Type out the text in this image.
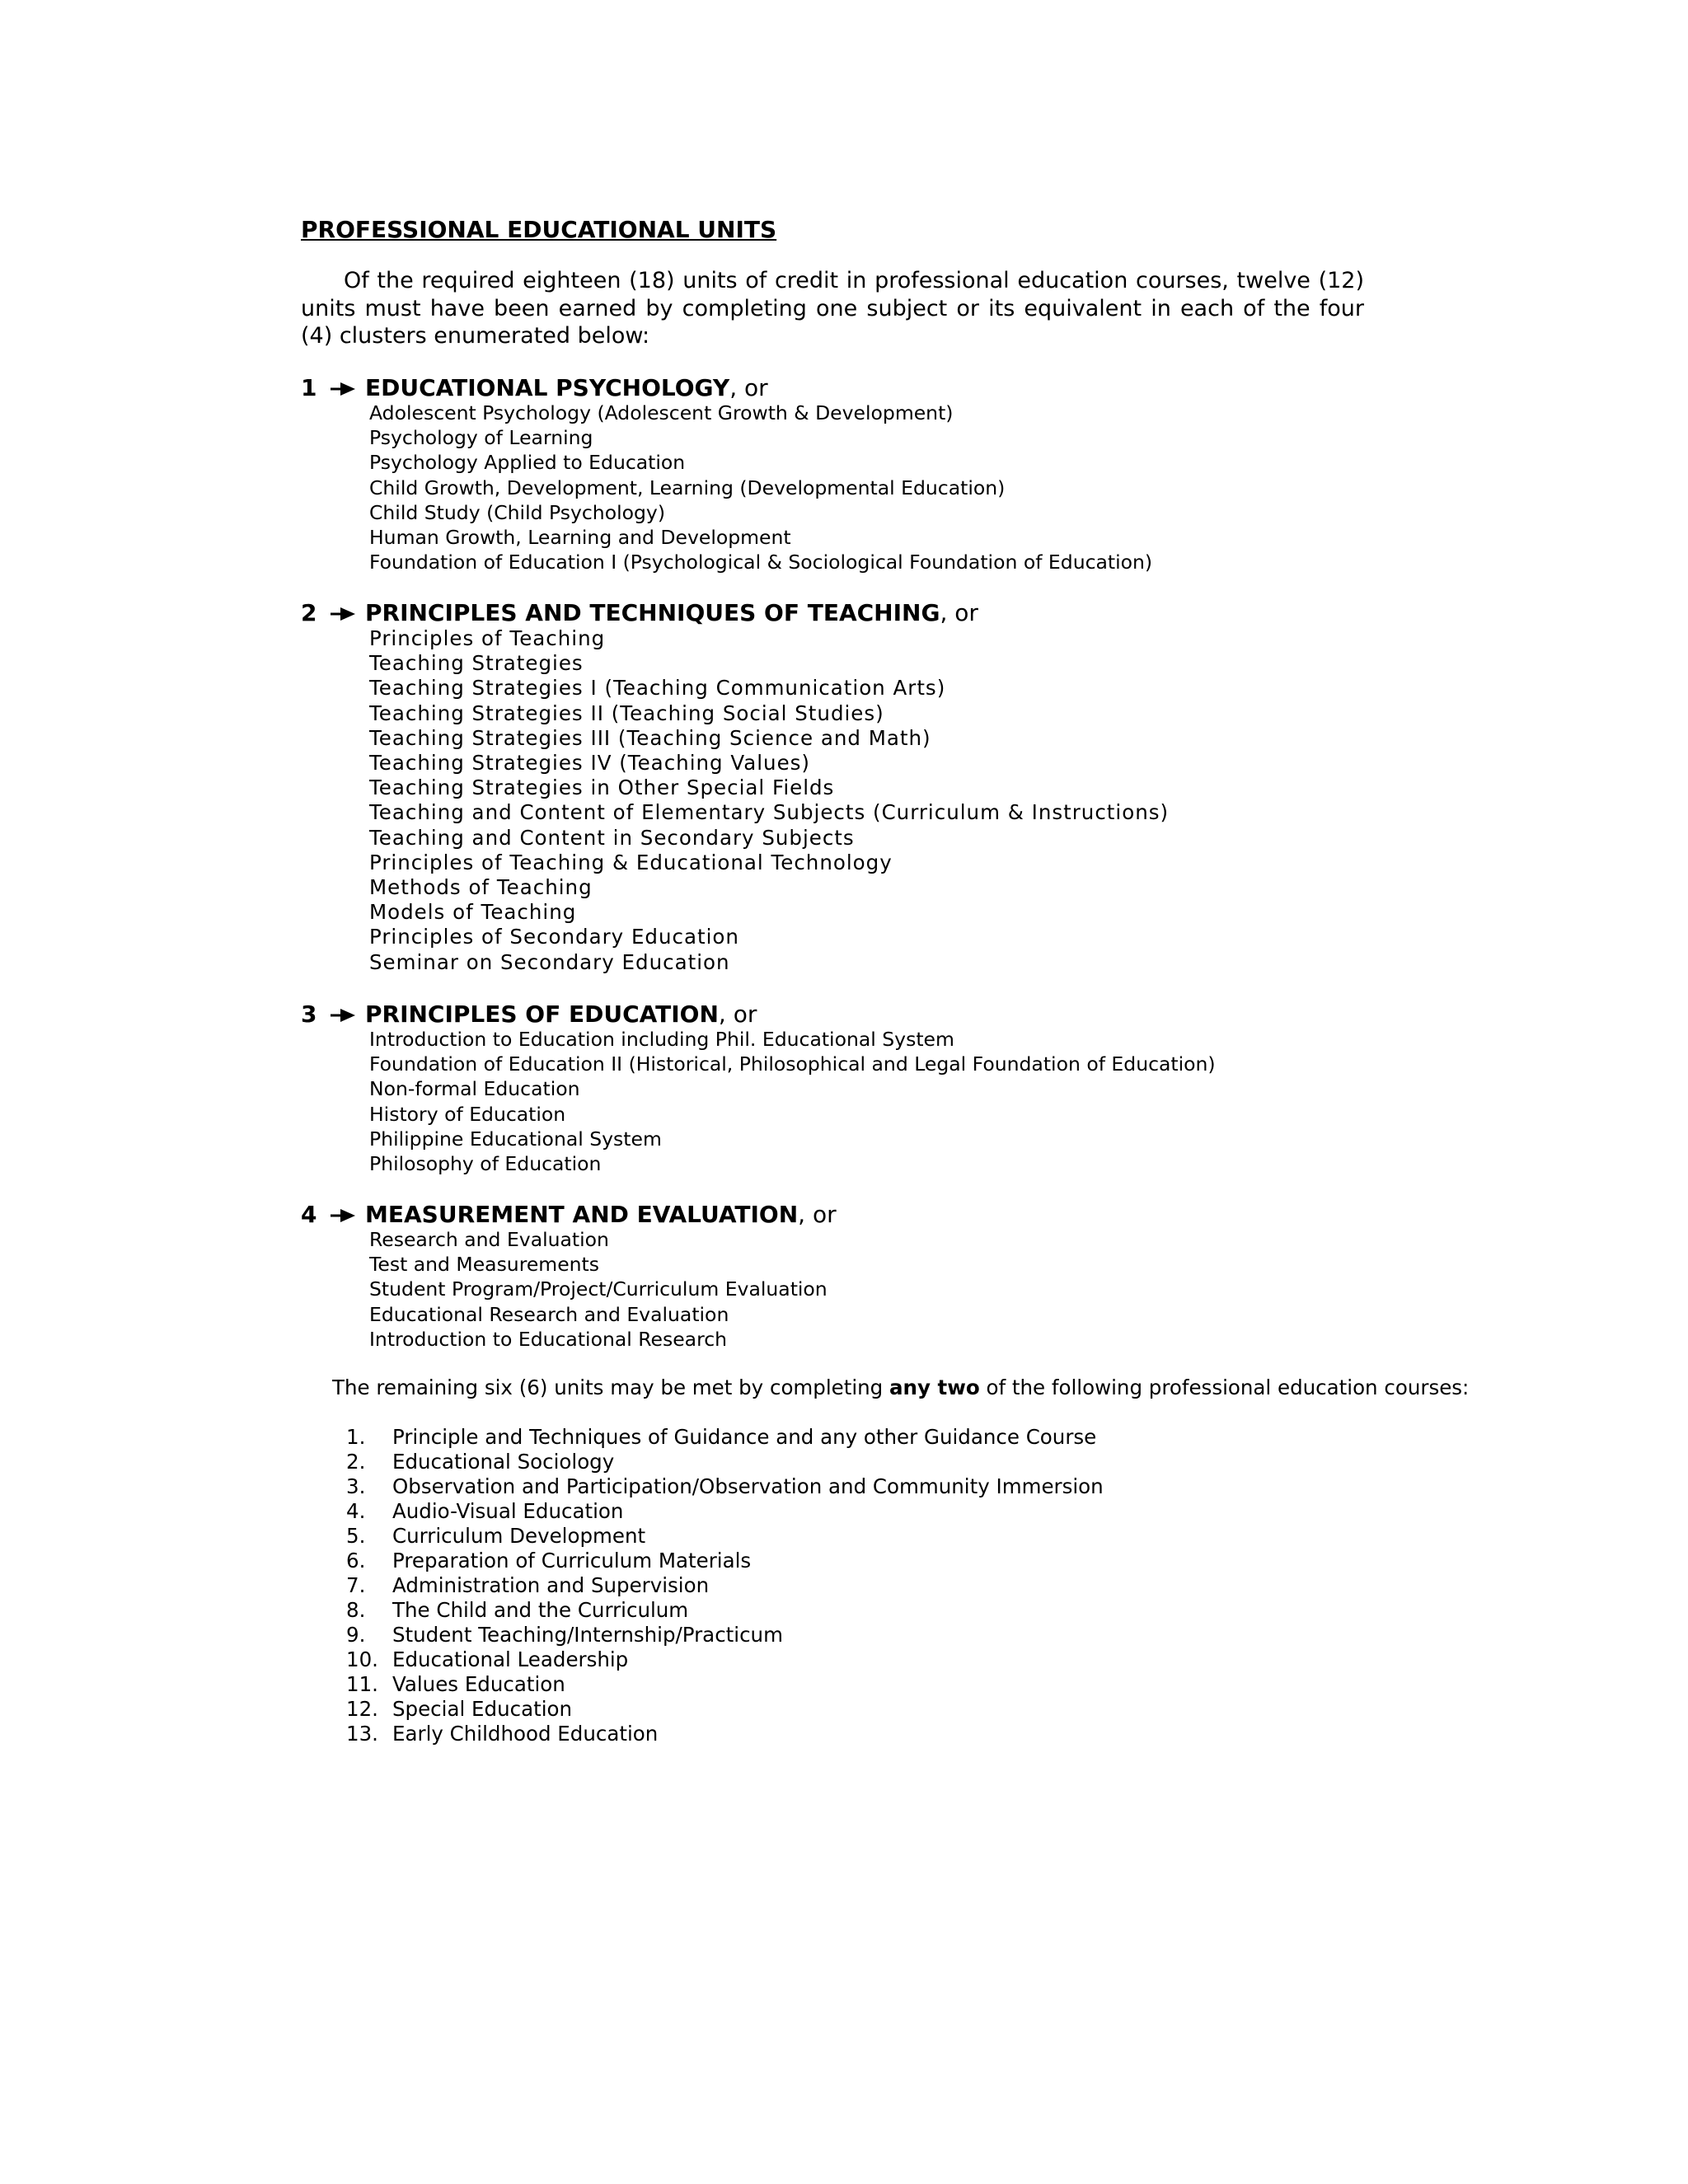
PROFESSIONAL EDUCATIONAL UNITS
Of the required eighteen (18) units of credit in professional education courses, twelve (12) units must have been earned by completing one subject or its equivalent in each of the four (4) clusters enumerated below:
1 EDUCATIONAL PSYCHOLOGY, or
Adolescent Psychology (Adolescent Growth & Development)
Psychology of Learning
Psychology Applied to Education
Child Growth, Development, Learning (Developmental Education)
Child Study (Child Psychology)
Human Growth, Learning and Development
Foundation of Education I (Psychological & Sociological Foundation of Education)
2 PRINCIPLES AND TECHNIQUES OF TEACHING, or
Principles of Teaching
Teaching Strategies
Teaching Strategies I (Teaching Communication Arts)
Teaching Strategies II (Teaching Social Studies)
Teaching Strategies III (Teaching Science and Math)
Teaching Strategies IV (Teaching Values)
Teaching Strategies in Other Special Fields
Teaching and Content of Elementary Subjects (Curriculum & Instructions)
Teaching and Content in Secondary Subjects
Principles of Teaching & Educational Technology
Methods of Teaching
Models of Teaching
Principles of Secondary Education
Seminar on Secondary Education
3 PRINCIPLES OF EDUCATION, or
Introduction to Education including Phil. Educational System
Foundation of Education II (Historical, Philosophical and Legal Foundation of Education)
Non-formal Education
History of Education
Philippine Educational System
Philosophy of Education
4 MEASUREMENT AND EVALUATION, or
Research and Evaluation
Test and Measurements
Student Program/Project/Curriculum Evaluation
Educational Research and Evaluation
Introduction to Educational Research
The remaining six (6) units may be met by completing any two of the following professional education courses:
1. Principle and Techniques of Guidance and any other Guidance Course
2. Educational Sociology
3. Observation and Participation/Observation and Community Immersion
4. Audio-Visual Education
5. Curriculum Development
6. Preparation of Curriculum Materials
7. Administration and Supervision
8. The Child and the Curriculum
9. Student Teaching/Internship/Practicum
10. Educational Leadership
11. Values Education
12. Special Education
13. Early Childhood Education
